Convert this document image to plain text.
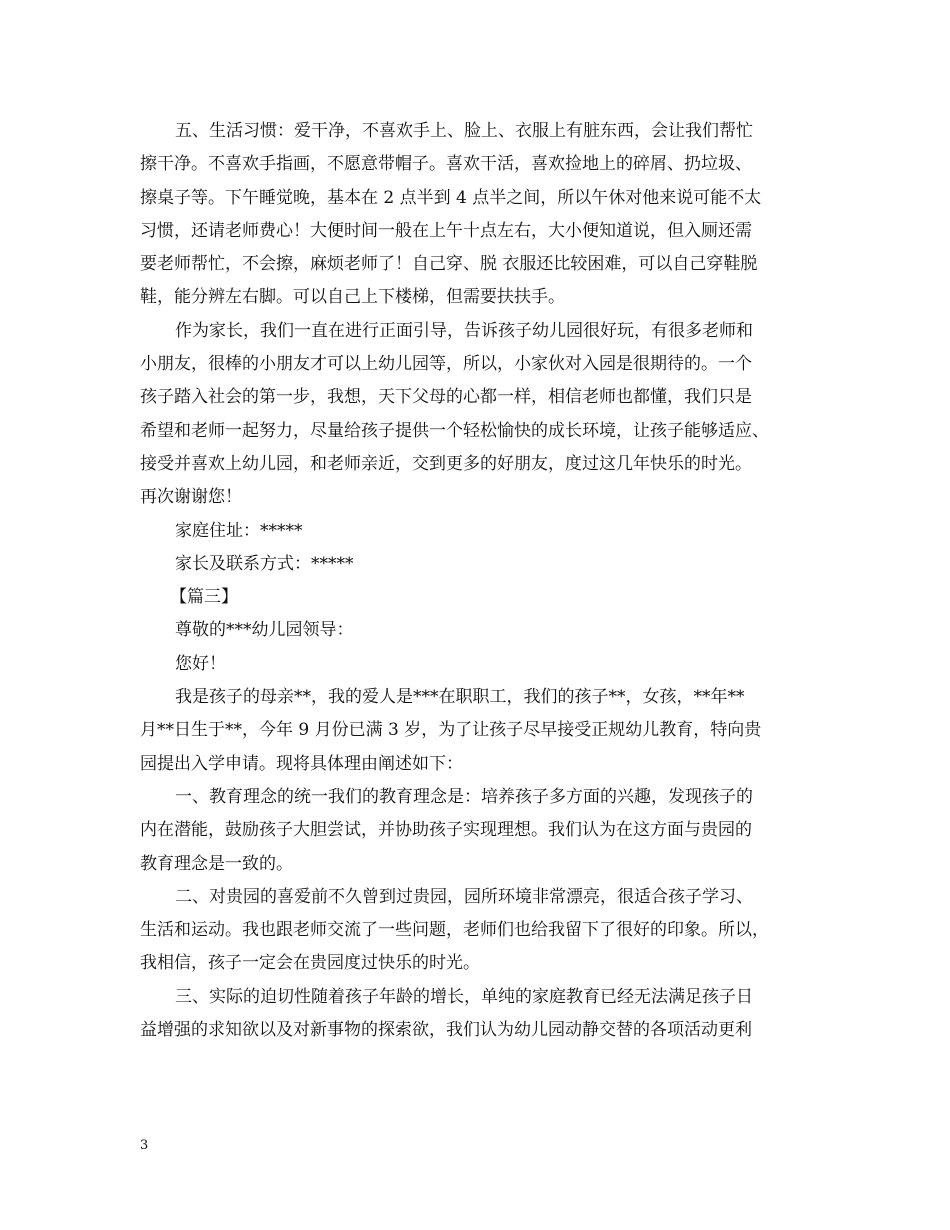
五、生活习惯：爱干净，不喜欢手上、脸上、衣服上有脏东西，会让我们帮忙
擦干净。不喜欢手指画，不愿意带帽子。喜欢干活，喜欢捡地上的碎屑、扔垃圾、
擦桌子等。下午睡觉晚，基本在 2 点半到 4 点半之间，所以午休对他来说可能不太
习惯，还请老师费心！大便时间一般在上午十点左右，大小便知道说，但入厕还需
要老师帮忙，不会擦，麻烦老师了！自己穿、脱 衣服还比较困难，可以自己穿鞋脱
鞋，能分辨左右脚。可以自己上下楼梯，但需要扶扶手。
作为家长，我们一直在进行正面引导，告诉孩子幼儿园很好玩，有很多老师和
小朋友，很棒的小朋友才可以上幼儿园等，所以，小家伙对入园是很期待的。一个
孩子踏入社会的第一步，我想，天下父母的心都一样，相信老师也都懂，我们只是
希望和老师一起努力，尽量给孩子提供一个轻松愉快的成长环境，让孩子能够适应、
接受并喜欢上幼儿园，和老师亲近，交到更多的好朋友，度过这几年快乐的时光。
再次谢谢您！
家庭住址：*****
家长及联系方式：*****
【篇三】
尊敬的***幼儿园领导：
您好！
我是孩子的母亲**，我的爱人是***在职职工，我们的孩子**，女孩，**年**
月**日生于**，今年 9 月份已满 3 岁，为了让孩子尽早接受正规幼儿教育，特向贵
园提出入学申请。现将具体理由阐述如下：
一、教育理念的统一我们的教育理念是：培养孩子多方面的兴趣，发现孩子的
内在潜能，鼓励孩子大胆尝试，并协助孩子实现理想。我们认为在这方面与贵园的
教育理念是一致的。
二、对贵园的喜爱前不久曾到过贵园，园所环境非常漂亮，很适合孩子学习、
生活和运动。我也跟老师交流了一些问题，老师们也给我留下了很好的印象。所以，
我相信，孩子一定会在贵园度过快乐的时光。
三、实际的迫切性随着孩子年龄的增长，单纯的家庭教育已经无法满足孩子日
益增强的求知欲以及对新事物的探索欲，我们认为幼儿园动静交替的各项活动更利
3
